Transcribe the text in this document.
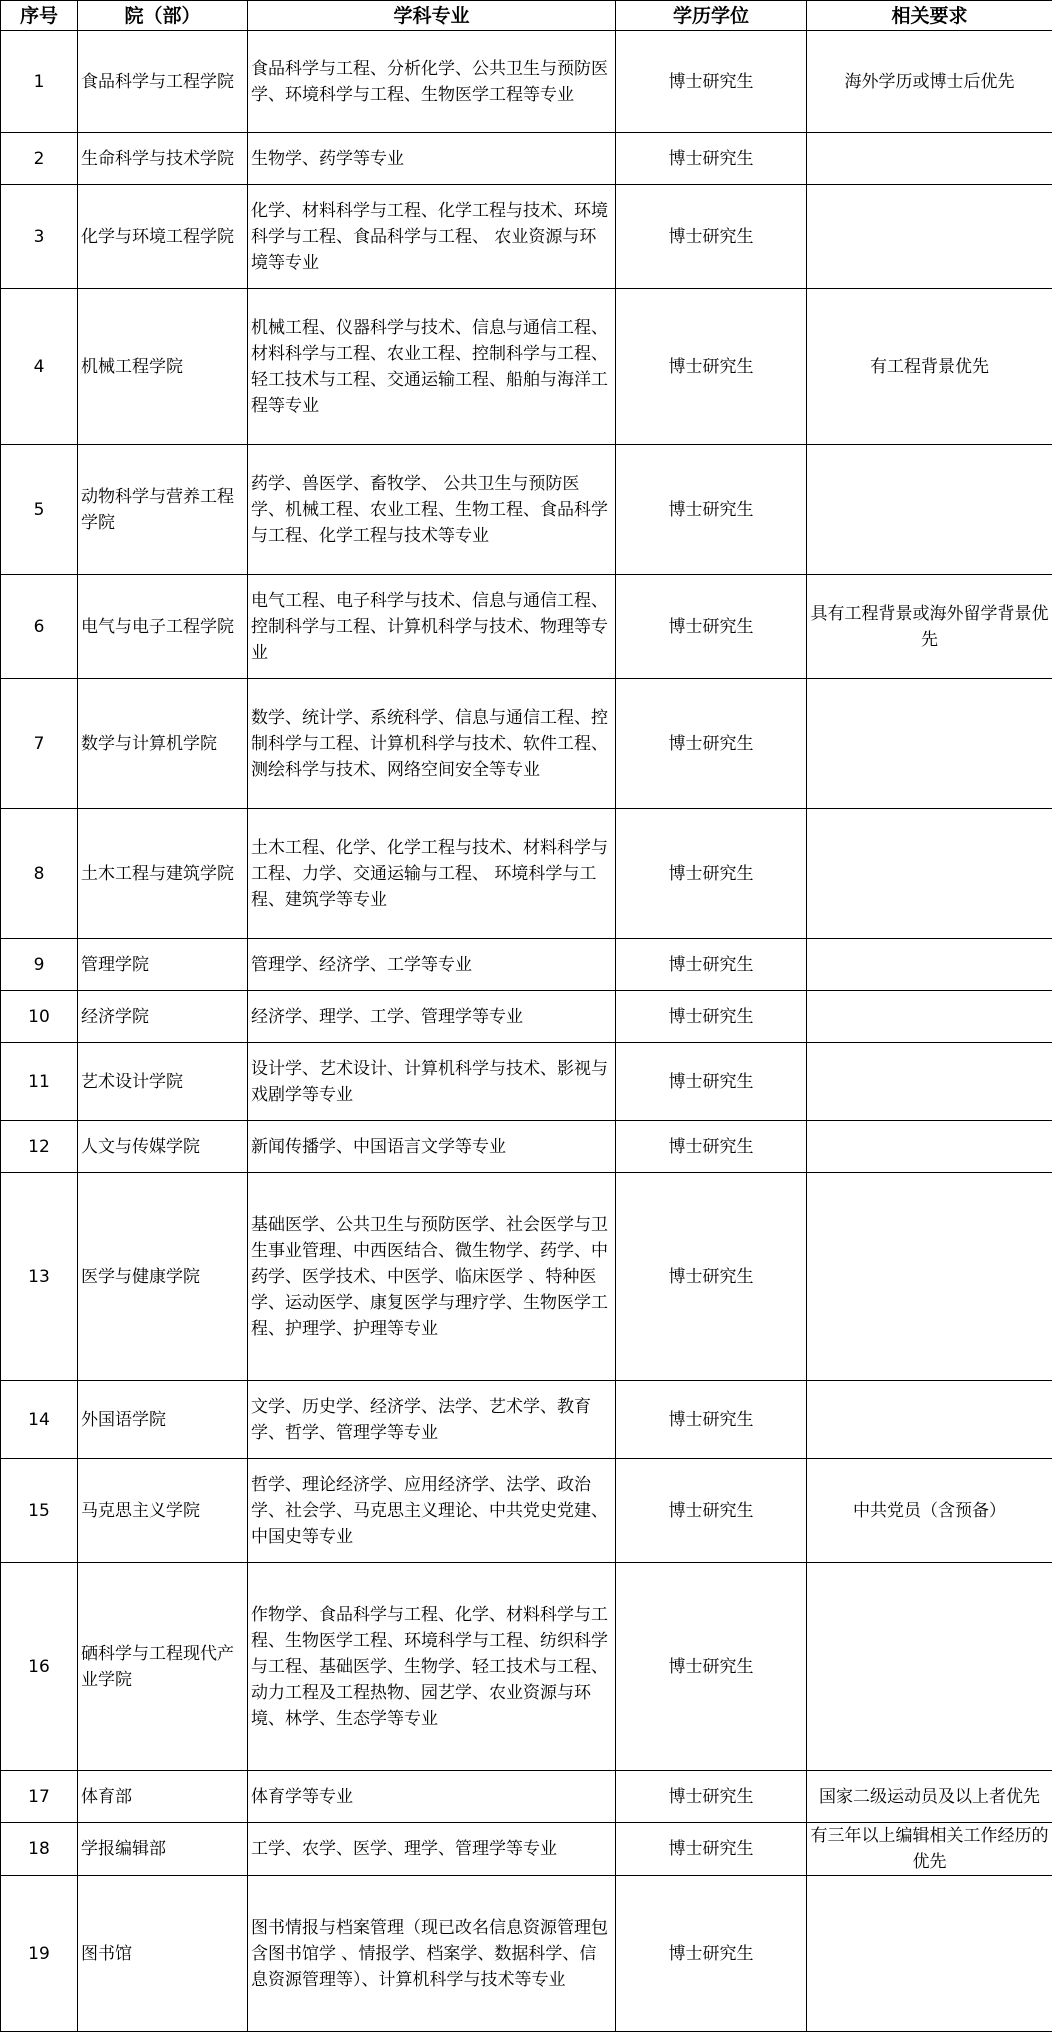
序号	院（部）	学科专业	学历学位	相关要求
1	食品科学与工程学院	食品科学与工程、分析化学、公共卫生与预防医学、环境科学与工程、生物医学工程等专业	博士研究生	海外学历或博士后优先
2	生命科学与技术学院	生物学、药学等专业	博士研究生	
3	化学与环境工程学院	化学、材料科学与工程、化学工程与技术、环境科学与工程、食品科学与工程、 农业资源与环境等专业	博士研究生	
4	机械工程学院	机械工程、仪器科学与技术、信息与通信工程、材料科学与工程、农业工程、控制科学与工程、轻工技术与工程、交通运输工程、船舶与海洋工程等专业	博士研究生	有工程背景优先
5	动物科学与营养工程学院	药学、兽医学、畜牧学、 公共卫生与预防医学、机械工程、农业工程、生物工程、食品科学与工程、化学工程与技术等专业	博士研究生	
6	电气与电子工程学院	电气工程、电子科学与技术、信息与通信工程、控制科学与工程、计算机科学与技术、物理等专业	博士研究生	具有工程背景或海外留学背景优先
7	数学与计算机学院	数学、统计学、系统科学、信息与通信工程、控制科学与工程、计算机科学与技术、软件工程、测绘科学与技术、网络空间安全等专业	博士研究生	
8	土木工程与建筑学院	土木工程、化学、化学工程与技术、材料科学与工程、力学、交通运输与工程、 环境科学与工程、建筑学等专业	博士研究生	
9	管理学院	管理学、经济学、工学等专业	博士研究生	
10	经济学院	经济学、理学、工学、管理学等专业	博士研究生	
11	艺术设计学院	设计学、艺术设计、计算机科学与技术、影视与戏剧学等专业	博士研究生	
12	人文与传媒学院	新闻传播学、中国语言文学等专业	博士研究生	
13	医学与健康学院	基础医学、公共卫生与预防医学、社会医学与卫生事业管理、中西医结合、微生物学、药学、中药学、医学技术、中医学、临床医学 、特种医学、运动医学、康复医学与理疗学、生物医学工程、护理学、护理等专业	博士研究生	
14	外国语学院	文学、历史学、经济学、法学、艺术学、教育学、哲学、管理学等专业	博士研究生	
15	马克思主义学院	哲学、理论经济学、应用经济学、法学、政治学、社会学、马克思主义理论、中共党史党建、中国史等专业	博士研究生	中共党员（含预备）
16	硒科学与工程现代产业学院	作物学、食品科学与工程、化学、材料科学与工程、生物医学工程、环境科学与工程、纺织科学与工程、基础医学、生物学、轻工技术与工程、动力工程及工程热物、园艺学、农业资源与环境、林学、生态学等专业	博士研究生	
17	体育部	体育学等专业	博士研究生	国家二级运动员及以上者优先
18	学报编辑部	工学、农学、医学、理学、管理学等专业	博士研究生	有三年以上编辑相关工作经历的优先
19	图书馆	图书情报与档案管理（现已改名信息资源管理包含图书馆学 、情报学、档案学、数据科学、信息资源管理等）、计算机科学与技术等专业	博士研究生	
